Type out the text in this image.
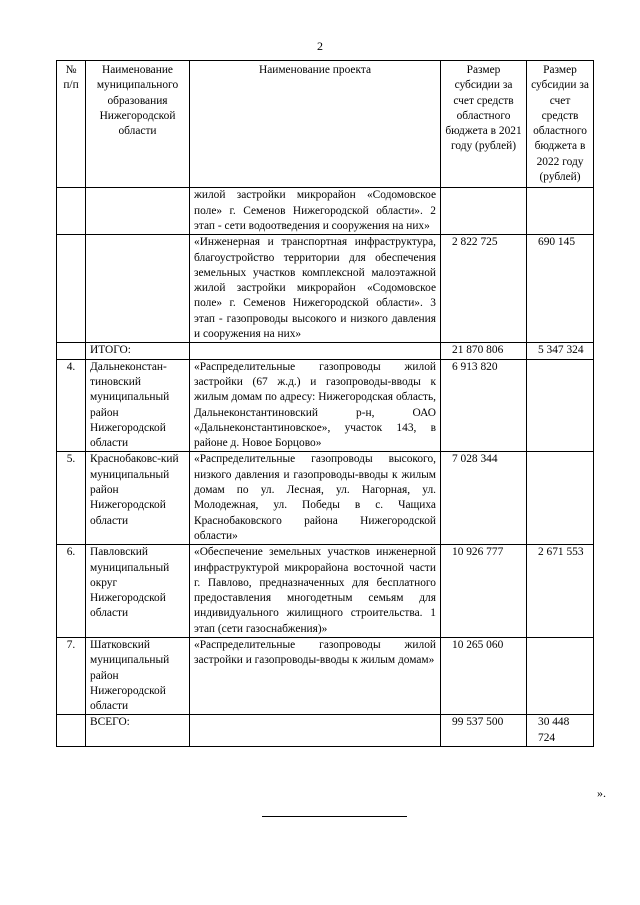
2
№ п/п	Наименование муниципального образования Нижегородской области	Наименование проекта	Размер субсидии за счет средств областного бюджета в 2021 году (рублей)	Размер субсидии за счет средств областного бюджета в 2022 году (рублей)
		жилой застройки микрорайон «Содомовское поле» г. Семенов Нижегородской области». 2 этап - сети водоотведения и сооружения на них»		
		«Инженерная и транспортная инфраструктура, благоустройство территории для обеспечения земельных участков комплексной малоэтажной жилой застройки микрорайон «Содомовское поле» г. Семенов Нижегородской области». 3 этап - газопроводы высокого и низкого давления и сооружения на них»	2 822 725	690 145
	ИТОГО:		21 870 806	5 347 324
4.	Дальнеконстан-тиновский муниципальный район Нижегородской области	«Распределительные газопроводы жилой застройки (67 ж.д.) и газопроводы-вводы к жилым домам по адресу: Нижегородская область, Дальнеконстантиновский р-н, ОАО «Дальнеконстантиновское», участок 143, в районе д. Новое Борцово»	6 913 820	
5.	Краснобаковс-кий муниципальный район Нижегородской области	«Распределительные газопроводы высокого, низкого давления и газопроводы-вводы к жилым домам по ул. Лесная, ул. Нагорная, ул. Молодежная, ул. Победы в с. Чащиха Краснобаковского района Нижегородской области»	7 028 344	
6.	Павловский муниципальный округ Нижегородской области	«Обеспечение земельных участков инженерной инфраструктурой микрорайона восточной части г. Павлово, предназначенных для бесплатного предоставления многодетным семьям для индивидуального жилищного строительства. 1 этап (сети газоснабжения)»	10 926 777	2 671 553
7.	Шатковский муниципальный район Нижегородской области	«Распределительные газопроводы жилой застройки и газопроводы-вводы к жилым домам»	10 265 060	
	ВСЕГО:		99 537 500	30 448 724
».
